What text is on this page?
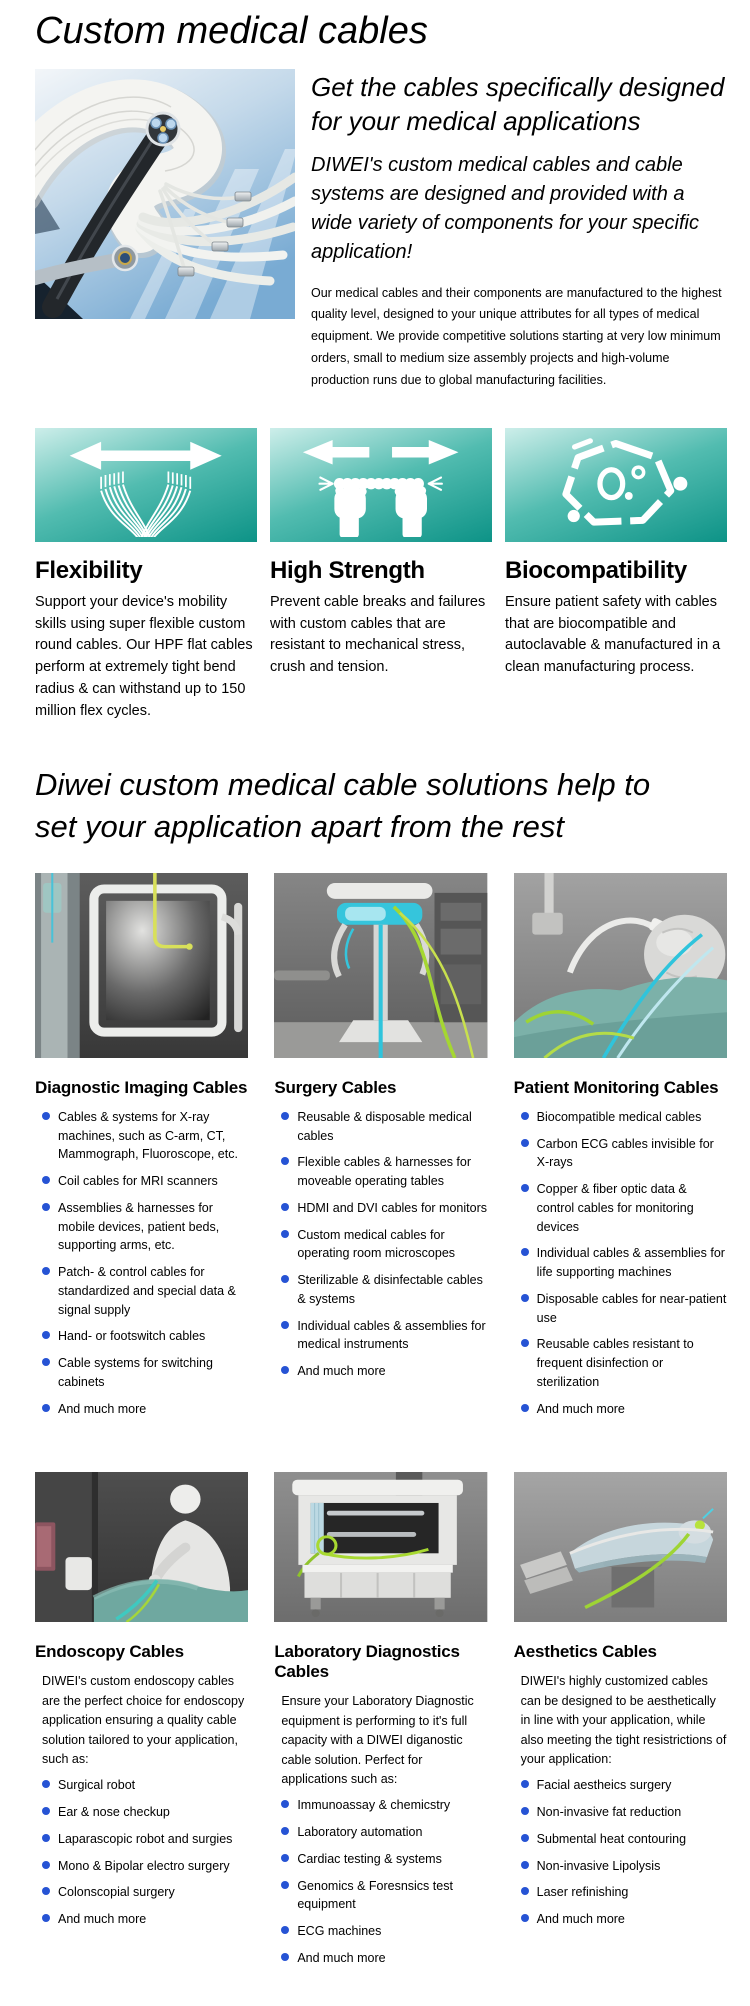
Custom medical cables

Get the cables specifically designed for your medical applications

DIWEI's custom medical cables and cable systems are designed and provided with a wide variety of components for your specific application!

Our medical cables and their components are manufactured to the highest quality level, designed to your unique attributes for all types of medical equipment. We provide competitive solutions starting at very low minimum orders, small to medium size assembly projects and high-volume production runs due to global manufacturing facilities.

Flexibility
Support your device's mobility skills using super flexible custom round cables. Our HPF flat cables perform at extremely tight bend radius & can withstand up to 150 million flex cycles.
High Strength
Prevent cable breaks and failures with custom cables that are resistant to mechanical stress, crush and tension.
Biocompatibility
Ensure patient safety with cables that are biocompatible and autoclavable & manufactured in a clean manufacturing process.
Diwei custom medical cable solutions help to set your application apart from the rest
Diagnostic Imaging Cables
Cables & systems for X-ray machines, such as C-arm, CT, Mammograph, Fluoroscope, etc.
Coil cables for MRI scanners
Assemblies & harnesses for mobile devices, patient beds, supporting arms, etc.
Patch- & control cables for standardized and special data & signal supply
Hand- or footswitch cables
Cable systems for switching cabinets
And much more
Surgery Cables
Reusable & disposable medical cables
Flexible cables & harnesses for moveable operating tables
HDMI and DVI cables for monitors
Custom medical cables for operating room microscopes
Sterilizable & disinfectable cables & systems
Individual cables & assemblies for medical instruments
And much more
Patient Monitoring Cables
Biocompatible medical cables
Carbon ECG cables invisible for X-rays
Copper & fiber optic data & control cables for monitoring devices
Individual cables & assemblies for life supporting machines
Disposable cables for near-patient use
Reusable cables resistant to frequent disinfection or sterilization
And much more
Endoscopy Cables

DIWEI's custom endoscopy cables are the perfect choice for endoscopy application ensuring a quality cable solution tailored to your application, such as:

Surgical robot
Ear & nose checkup
Laparascopic robot and surgies
Mono & Bipolar electro surgery
Colonscopial surgery
And much more
Laboratory Diagnostics Cables

Ensure your Laboratory Diagnostic equipment is performing to it's full capacity with a DIWEI diganostic cable solution. Perfect for applications such as:

Immunoassay & chemicstry
Laboratory automation
Cardiac testing & systems
Genomics & Foresnsics test equipment
ECG machines
And much more
Aesthetics Cables

DIWEI's highly customized cables can be designed to be aesthetically in line with your application, while also meeting the tight resistrictions of your application:

Facial aestheics surgery
Non-invasive fat reduction
Submental heat contouring
Non-invasive Lipolysis
Laser refinishing
And much more
